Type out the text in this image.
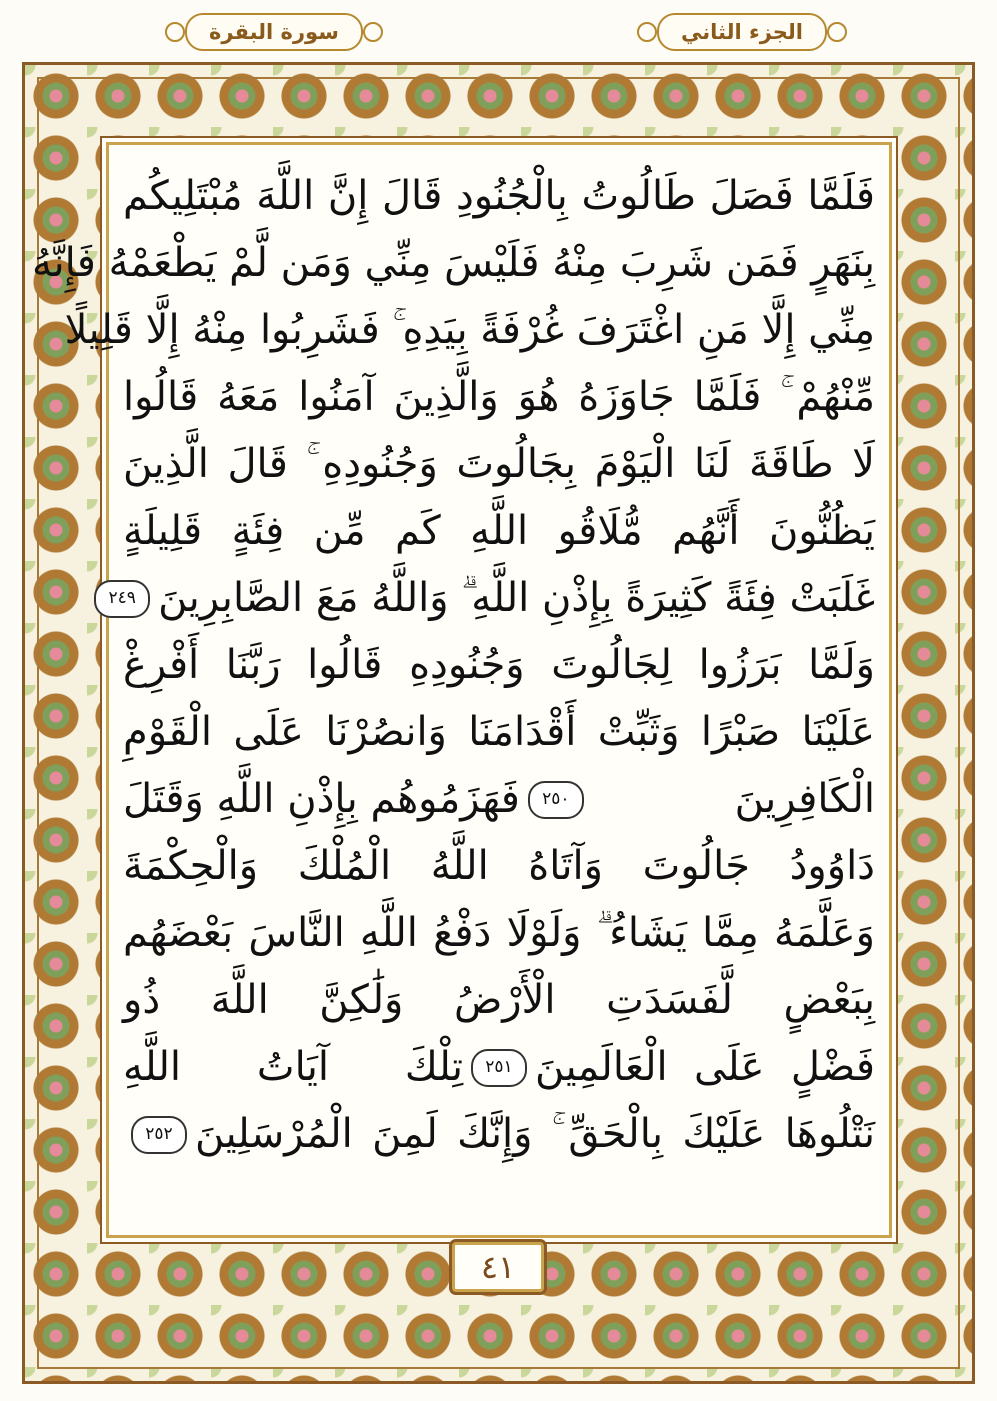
الجزء الثاني
سورة البقرة
فَلَمَّا فَصَلَ طَالُوتُ بِالْجُنُودِ قَالَ إِنَّ اللَّهَ مُبْتَلِيكُم
بِنَهَرٍ فَمَن شَرِبَ مِنْهُ فَلَيْسَ مِنِّي وَمَن لَّمْ يَطْعَمْهُ فَإِنَّهُ
مِنِّي إِلَّا مَنِ اغْتَرَفَ غُرْفَةً بِيَدِهِ ۚ فَشَرِبُوا مِنْهُ إِلَّا قَلِيلًا
مِّنْهُمْ ۚ فَلَمَّا جَاوَزَهُ هُوَ وَالَّذِينَ آمَنُوا مَعَهُ قَالُوا
لَا طَاقَةَ لَنَا الْيَوْمَ بِجَالُوتَ وَجُنُودِهِ ۚ قَالَ الَّذِينَ
يَظُنُّونَ أَنَّهُم مُّلَاقُو اللَّهِ كَم مِّن فِئَةٍ قَلِيلَةٍ
غَلَبَتْ فِئَةً كَثِيرَةً بِإِذْنِ اللَّهِ ۗ وَاللَّهُ مَعَ الصَّابِرِينَ
٢٤٩
وَلَمَّا بَرَزُوا لِجَالُوتَ وَجُنُودِهِ قَالُوا رَبَّنَا أَفْرِغْ
عَلَيْنَا صَبْرًا وَثَبِّتْ أَقْدَامَنَا وَانصُرْنَا عَلَى الْقَوْمِ
الْكَافِرِينَ
٢٥٠
فَهَزَمُوهُم بِإِذْنِ اللَّهِ وَقَتَلَ
دَاوُودُ جَالُوتَ وَآتَاهُ اللَّهُ الْمُلْكَ وَالْحِكْمَةَ
وَعَلَّمَهُ مِمَّا يَشَاءُ ۗ وَلَوْلَا دَفْعُ اللَّهِ النَّاسَ بَعْضَهُم
بِبَعْضٍ لَّفَسَدَتِ الْأَرْضُ وَلَٰكِنَّ اللَّهَ ذُو
فَضْلٍ عَلَى الْعَالَمِينَ
٢٥١
تِلْكَ آيَاتُ اللَّهِ
نَتْلُوهَا عَلَيْكَ بِالْحَقِّ ۚ وَإِنَّكَ لَمِنَ الْمُرْسَلِينَ
٢٥٢
٤١
